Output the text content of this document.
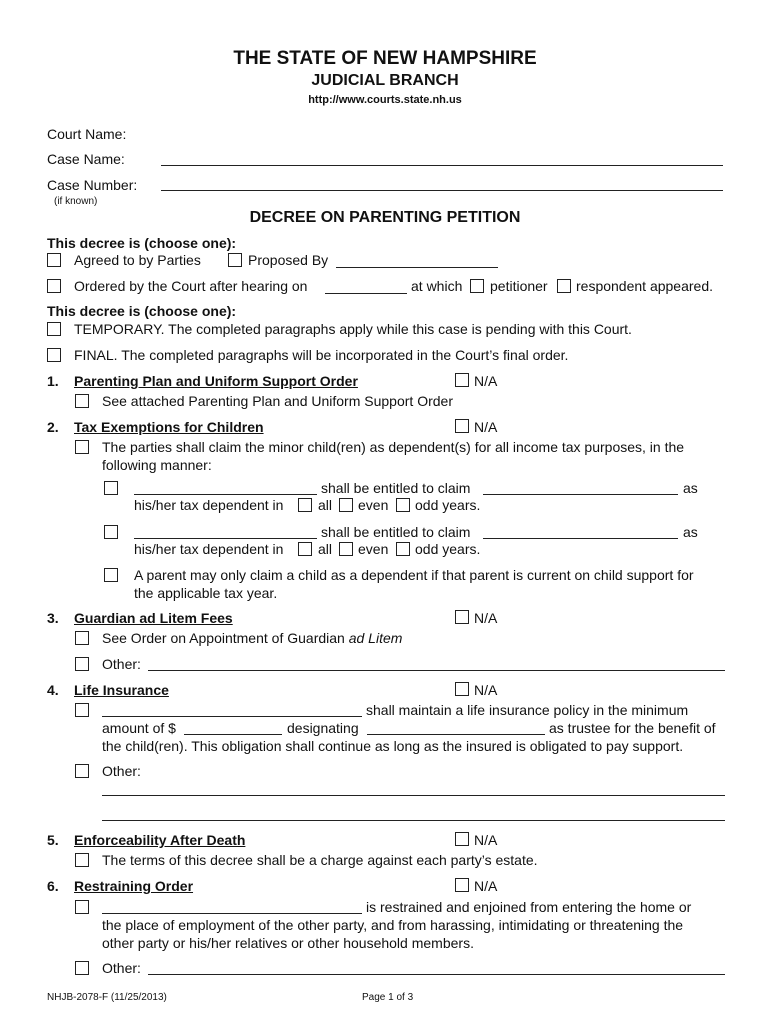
THE STATE OF NEW HAMPSHIRE
JUDICIAL BRANCH
http://www.courts.state.nh.us
Court Name:
Case Name:
Case Number:
(if known)
DECREE ON PARENTING PETITION
This decree is (choose one):
Agreed to by Parties	Proposed By
Ordered by the Court after hearing on	at which petitioner respondent appeared.
This decree is (choose one):
TEMPORARY. The completed paragraphs apply while this case is pending with this Court.
FINAL. The completed paragraphs will be incorporated in the Court’s final order.
1. Parenting Plan and Uniform Support Order	N/A
See attached Parenting Plan and Uniform Support Order
2. Tax Exemptions for Children	N/A
The parties shall claim the minor child(ren) as dependent(s) for all income tax purposes, in the
following manner:
shall be entitled to claim	as
his/her tax dependent in all even odd years.
shall be entitled to claim	as
his/her tax dependent in all even odd years.
A parent may only claim a child as a dependent if that parent is current on child support for
the applicable tax year.
3. Guardian ad Litem Fees	N/A
See Order on Appointment of Guardian ad Litem
Other:
4. Life Insurance	N/A
shall maintain a life insurance policy in the minimum
amount of $	designating	as trustee for the benefit of
the child(ren). This obligation shall continue as long as the insured is obligated to pay support.
Other:
5. Enforceability After Death	N/A
The terms of this decree shall be a charge against each party’s estate.
6. Restraining Order	N/A
is restrained and enjoined from entering the home or
the place of employment of the other party, and from harassing, intimidating or threatening the
other party or his/her relatives or other household members.
Other:
NHJB-2078-F (11/25/2013)	Page 1 of 3
